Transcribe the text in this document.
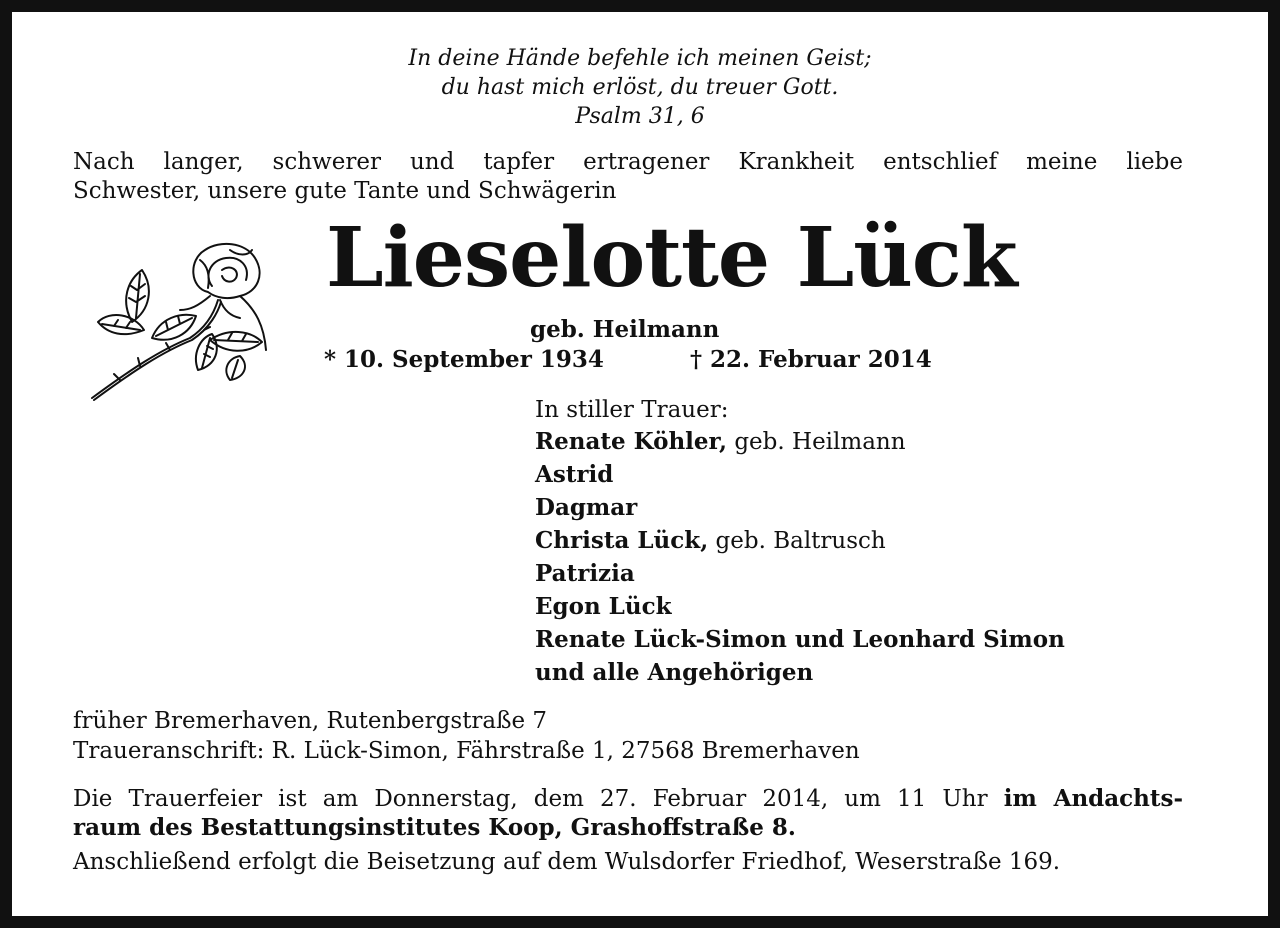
In deine Hände befehle ich meinen Geist;
du hast mich erlöst, du treuer Gott.
Psalm 31, 6
Nach langer, schwerer und tapfer ertragener Krankheit entschlief meine liebe
Schwester, unsere gute Tante und Schwägerin
Lieselotte Lück
geb. Heilmann
* 10. September 1934	† 22. Februar 2014
In stiller Trauer:
Renate Köhler, geb. Heilmann
Astrid
Dagmar
Christa Lück, geb. Baltrusch
Patrizia
Egon Lück
Renate Lück-Simon und Leonhard Simon
und alle Angehörigen
früher Bremerhaven, Rutenbergstraße 7
Traueranschrift: R. Lück-Simon, Fährstraße 1, 27568 Bremerhaven
Die Trauerfeier ist am Donnerstag, dem 27. Februar 2014, um 11 Uhr im Andachts-
raum des Bestattungsinstitutes Koop, Grashoffstraße 8.
Anschließend erfolgt die Beisetzung auf dem Wulsdorfer Friedhof, Weserstraße 169.
